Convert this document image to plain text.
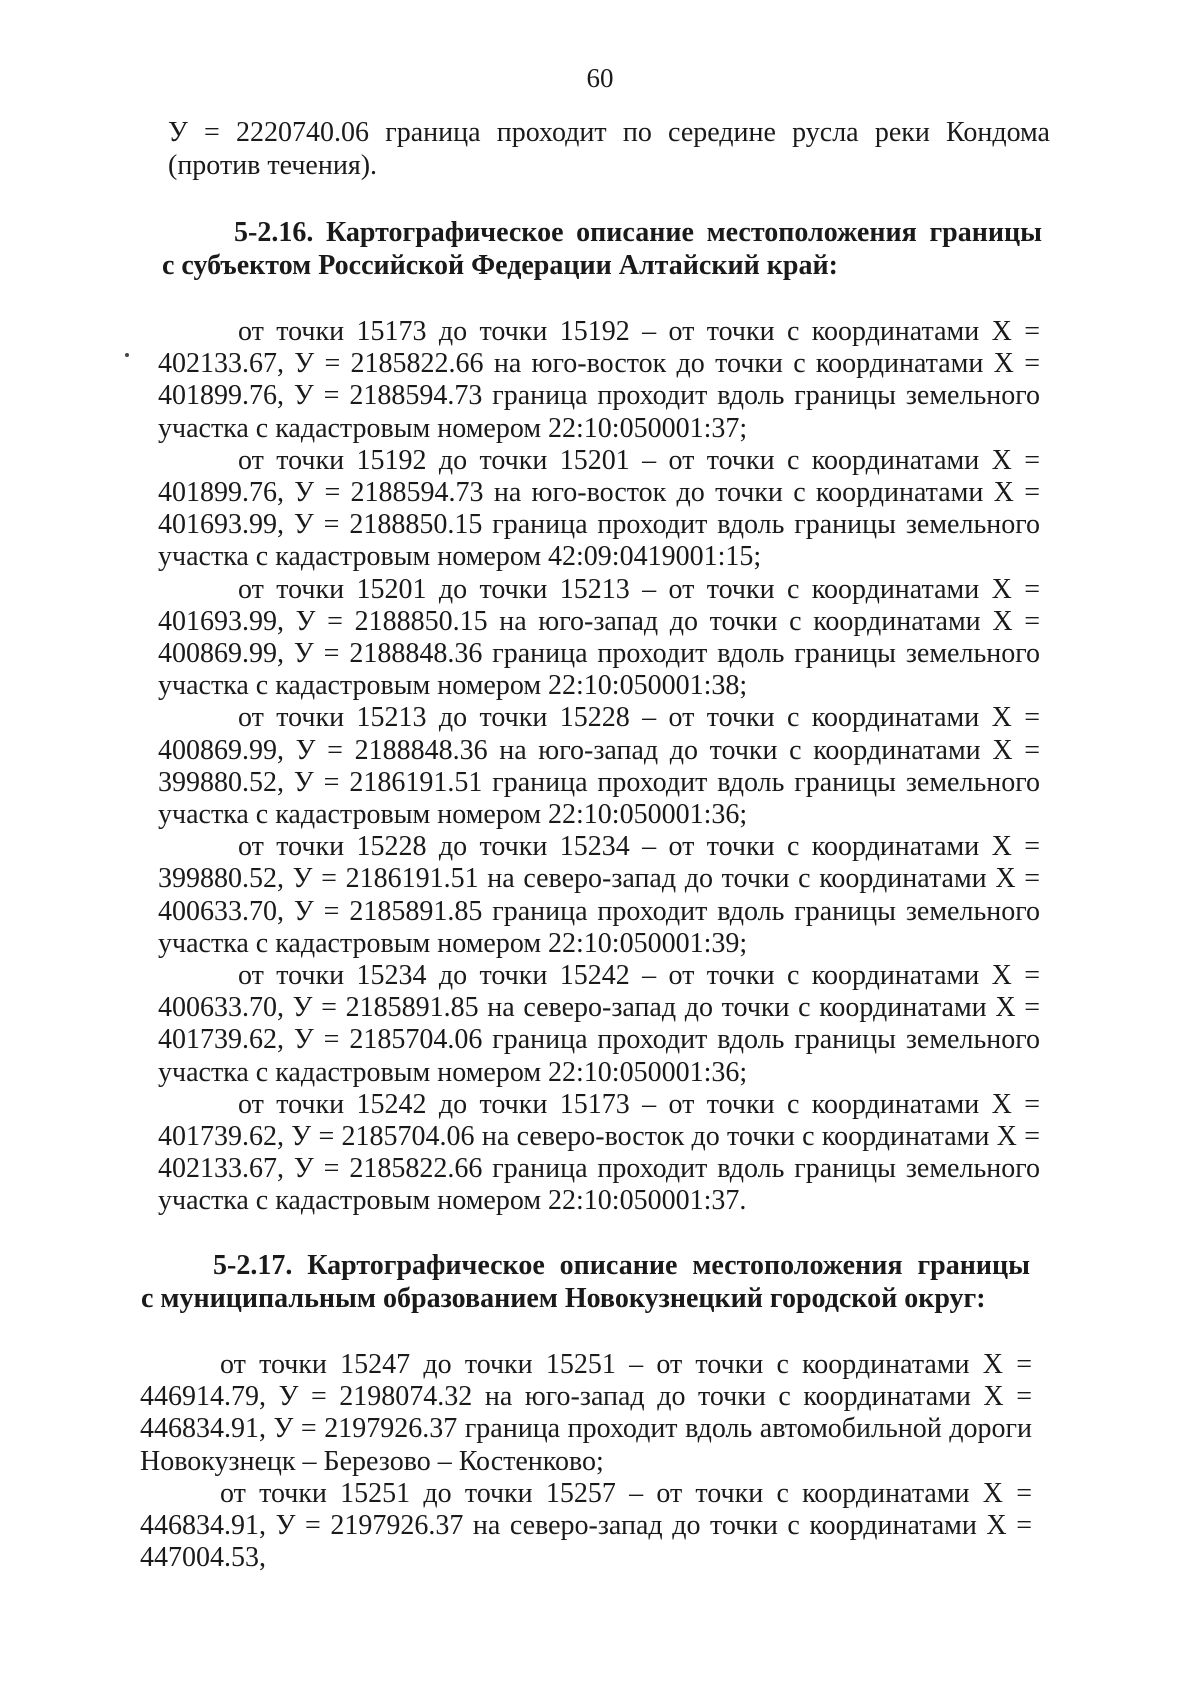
60

У = 2220740.06 граница проходит по середине русла реки Кондома (против течения).

5-2.16. Картографическое описание местоположения границы
с субъектом Российской Федерации Алтайский край:

от точки 15173 до точки 15192 – от точки с координатами Х = 402133.67, У = 2185822.66 на юго-восток до точки с координатами Х = 401899.76, У = 2188594.73 граница проходит вдоль границы земельного участка с кадастровым номером 22:10:050001:37;

от точки 15192 до точки 15201 – от точки с координатами Х = 401899.76, У = 2188594.73 на юго-восток до точки с координатами Х = 401693.99, У = 2188850.15 граница проходит вдоль границы земельного участка с кадастровым номером 42:09:0419001:15;

от точки 15201 до точки 15213 – от точки с координатами Х = 401693.99, У = 2188850.15 на юго-запад до точки с координатами Х = 400869.99, У = 2188848.36 граница проходит вдоль границы земельного участка с кадастровым номером 22:10:050001:38;

от точки 15213 до точки 15228 – от точки с координатами Х = 400869.99, У = 2188848.36 на юго-запад до точки с координатами Х = 399880.52, У = 2186191.51 граница проходит вдоль границы земельного участка с кадастровым номером 22:10:050001:36;

от точки 15228 до точки 15234 – от точки с координатами Х = 399880.52, У = 2186191.51 на северо-запад до точки с координатами Х = 400633.70, У = 2185891.85 граница проходит вдоль границы земельного участка с кадастровым номером 22:10:050001:39;

от точки 15234 до точки 15242 – от точки с координатами Х = 400633.70, У = 2185891.85 на северо-запад до точки с координатами Х = 401739.62, У = 2185704.06 граница проходит вдоль границы земельного участка с кадастровым номером 22:10:050001:36;

от точки 15242 до точки 15173 – от точки с координатами Х = 401739.62, У = 2185704.06 на северо-восток до точки с координатами Х = 402133.67, У = 2185822.66 граница проходит вдоль границы земельного участка с кадастровым номером 22:10:050001:37.

5-2.17. Картографическое описание местоположения границы
с муниципальным образованием Новокузнецкий городской округ:

от точки 15247 до точки 15251 – от точки с координатами Х = 446914.79, У = 2198074.32 на юго-запад до точки с координатами Х = 446834.91, У = 2197926.37 граница проходит вдоль автомобильной дороги Новокузнецк – Березово – Костенково;

от точки 15251 до точки 15257 – от точки с координатами Х = 446834.91, У = 2197926.37 на северо-запад до точки с координатами Х = 447004.53,
